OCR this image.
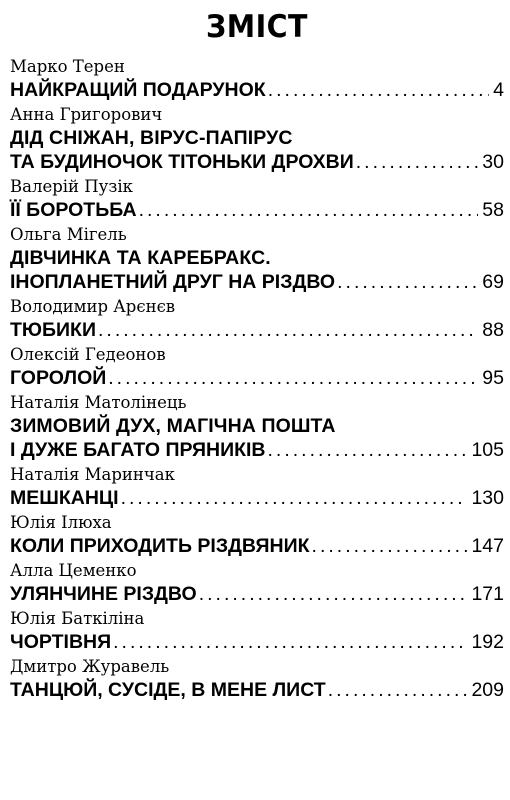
ЗМІСТ
Марко Терен
НАЙКРАЩИЙ ПОДАРУНОК .....	4
Анна Григорович
ДІД СНІЖАН, ВІРУС-ПАПІРУС
ТА БУДИНОЧОК ТІТОНЬКИ ДРОХВИ .....	30
Валерій Пузік
ЇЇ БОРОТЬБА .....	58
Ольга Мігель
ДІВЧИНКА ТА КАРЕБРАКС.
ІНОПЛАНЕТНИЙ ДРУГ НА РІЗДВО .....	69
Володимир Арєнєв
ТЮБИКИ .....	88
Олексій Гедеонов
ГОРОЛОЙ .....	95
Наталія Матолінець
ЗИМОВИЙ ДУХ, МАГІЧНА ПОШТА
І ДУЖЕ БАГАТО ПРЯНИКІВ .....	105
Наталія Маринчак
МЕШКАНЦІ .....	130
Юлія Ілюха
КОЛИ ПРИХОДИТЬ РІЗДВЯНИК .....	147
Алла Цеменко
УЛЯНЧИНЕ РІЗДВО .....	171
Юлія Баткіліна
ЧОРТІВНЯ .....	192
Дмитро Журавель
ТАНЦЮЙ, СУСІДЕ, В МЕНЕ ЛИСТ .....	209
